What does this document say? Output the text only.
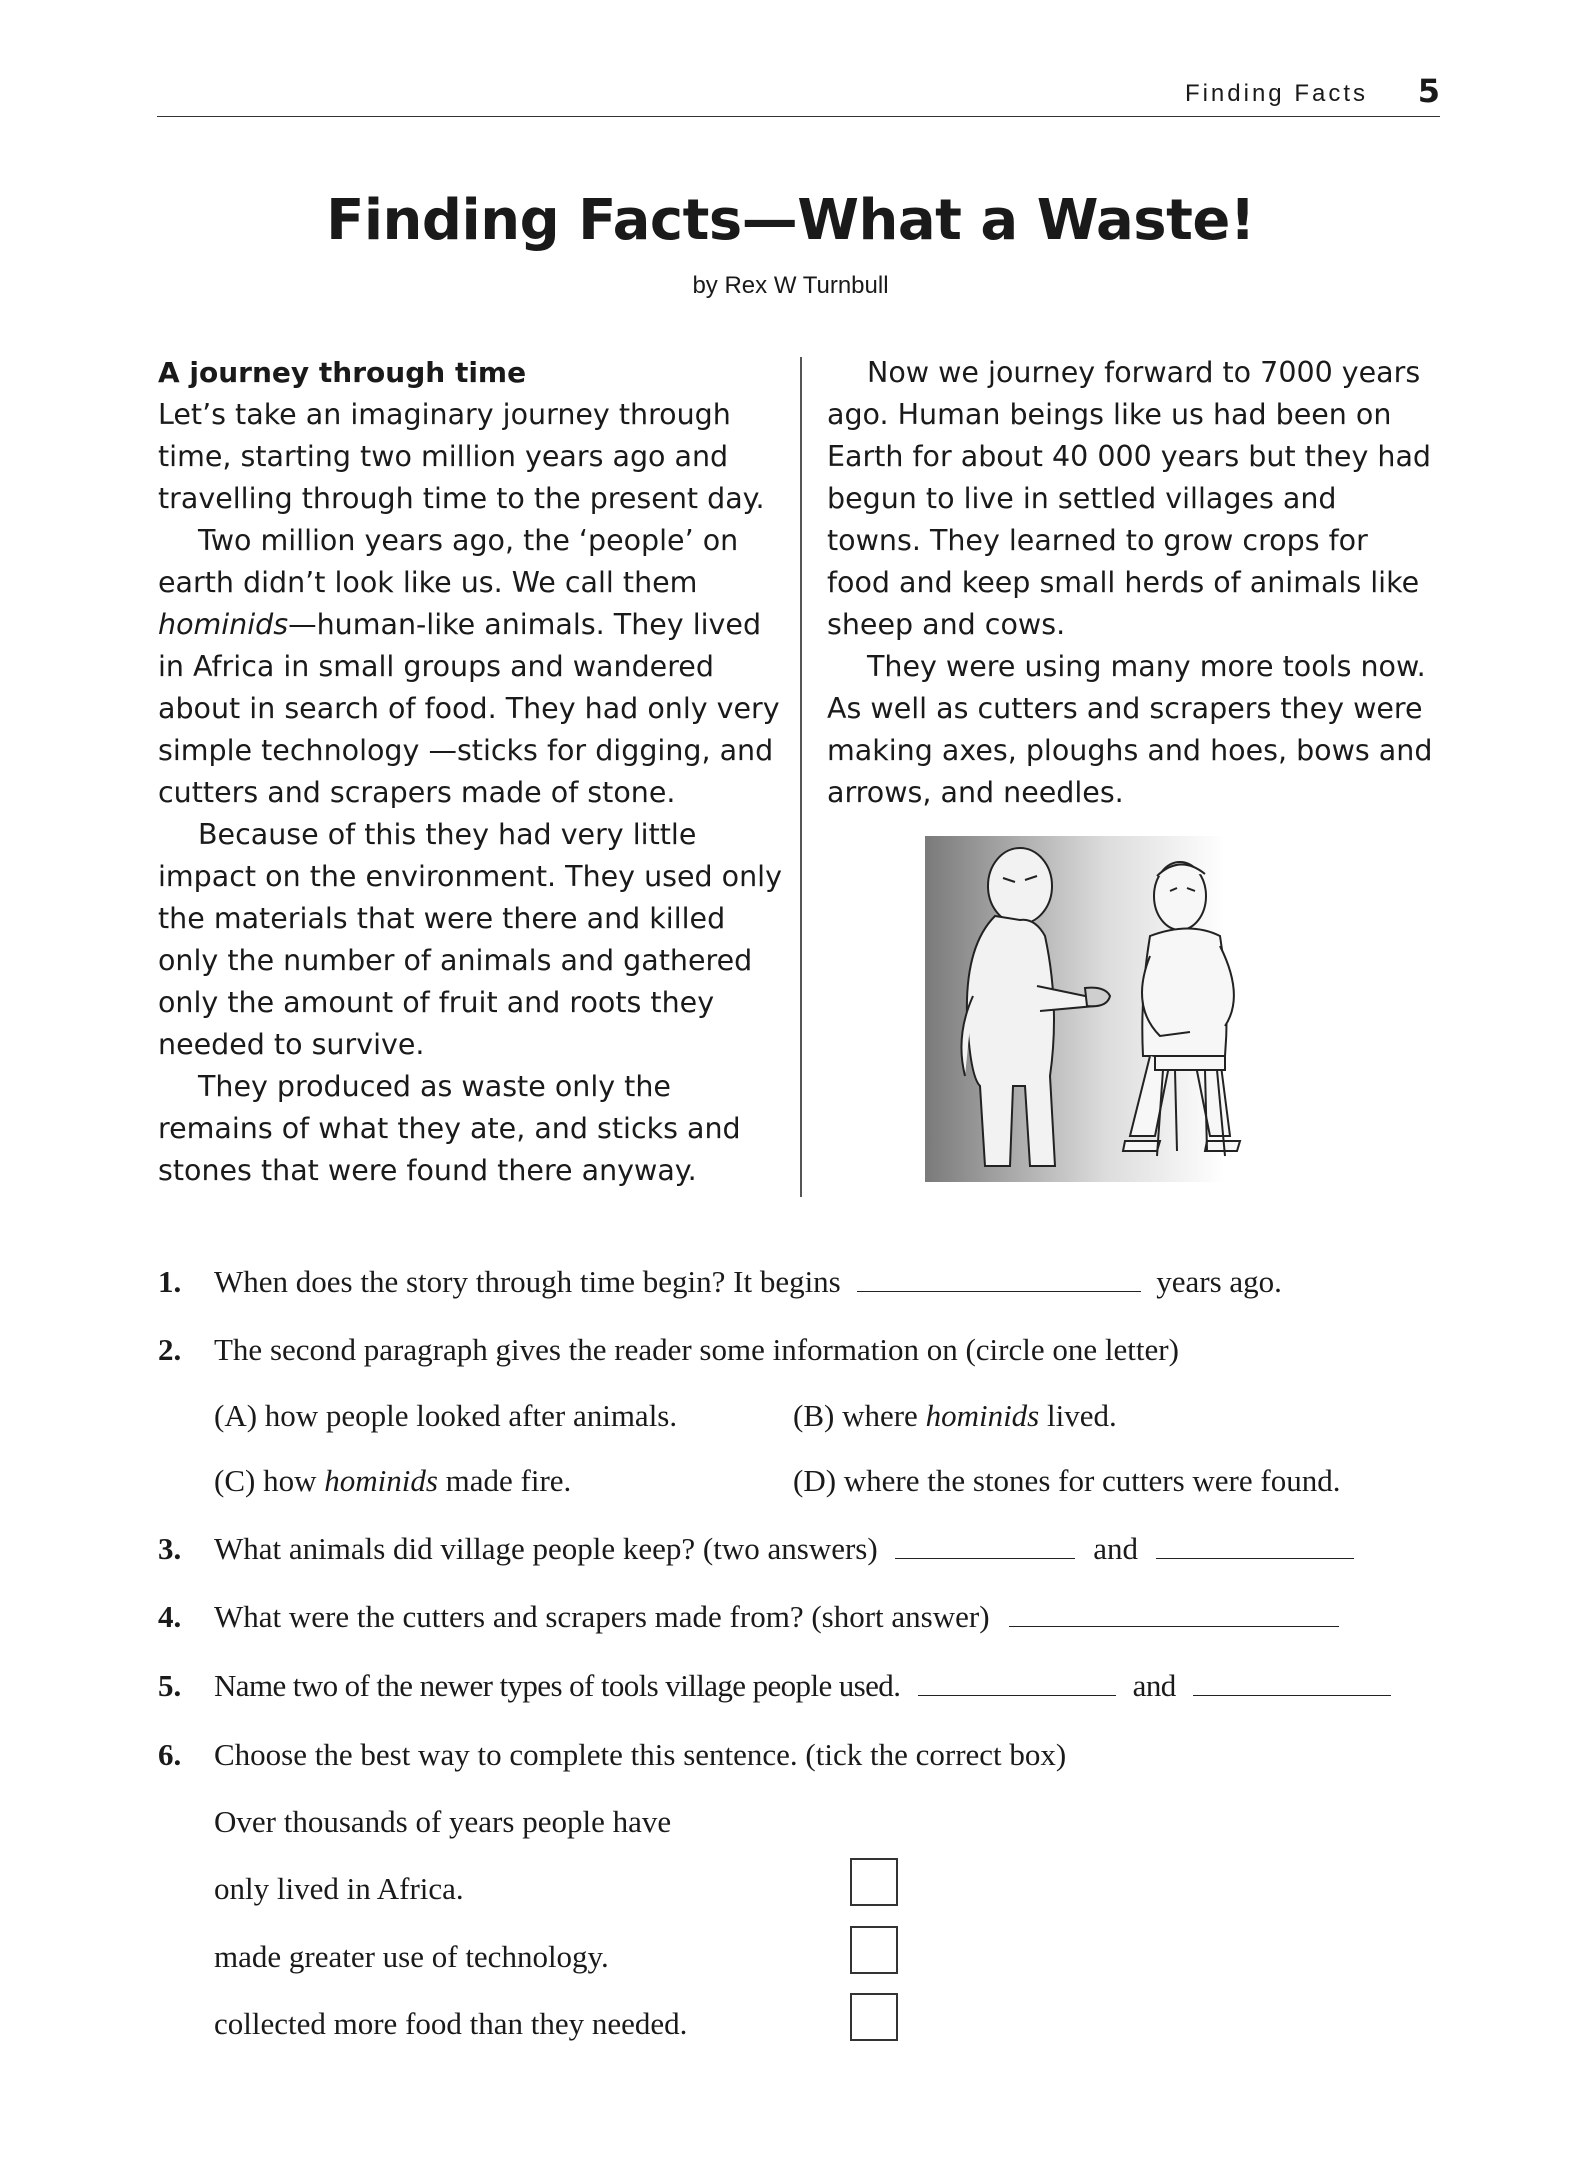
Finding Facts 5
Finding Facts—What a Waste!
by Rex W Turnbull

A journey through time

Let’s take an imaginary journey through time, starting two million years ago and travelling through time to the present day.

Two million years ago, the ‘people’ on earth didn’t look like us. We call them hominids—human-like animals. They lived in Africa in small groups and wandered about in search of food. They had only very simple technology —sticks for digging, and cutters and scrapers made of stone.

Because of this they had very little impact on the environment. They used only the materials that were there and killed only the number of animals and gathered only the amount of fruit and roots they needed to survive.

They produced as waste only the remains of what they ate, and sticks and stones that were found there anyway.

Now we journey forward to 7000 years ago. Human beings like us had been on Earth for about 40 000 years but they had begun to live in settled villages and towns. They learned to grow crops for food and keep small herds of animals like sheep and cows.

They were using many more tools now. As well as cutters and scrapers they were making axes, ploughs and hoes, bows and arrows, and needles.

1. When does the story through time begin? It begins	years ago.
2. The second paragraph gives the reader some information on (circle one letter)
(A) how people looked after animals.	(B) where hominids lived.
(C) how hominids made fire.	(D) where the stones for cutters were found.
3. What animals did village people keep? (two answers)	and
4. What were the cutters and scrapers made from? (short answer)
5. Name two of the newer types of tools village people used.	and
6. Choose the best way to complete this sentence. (tick the correct box)
Over thousands of years people have
only lived in Africa.
made greater use of technology.
collected more food than they needed.
